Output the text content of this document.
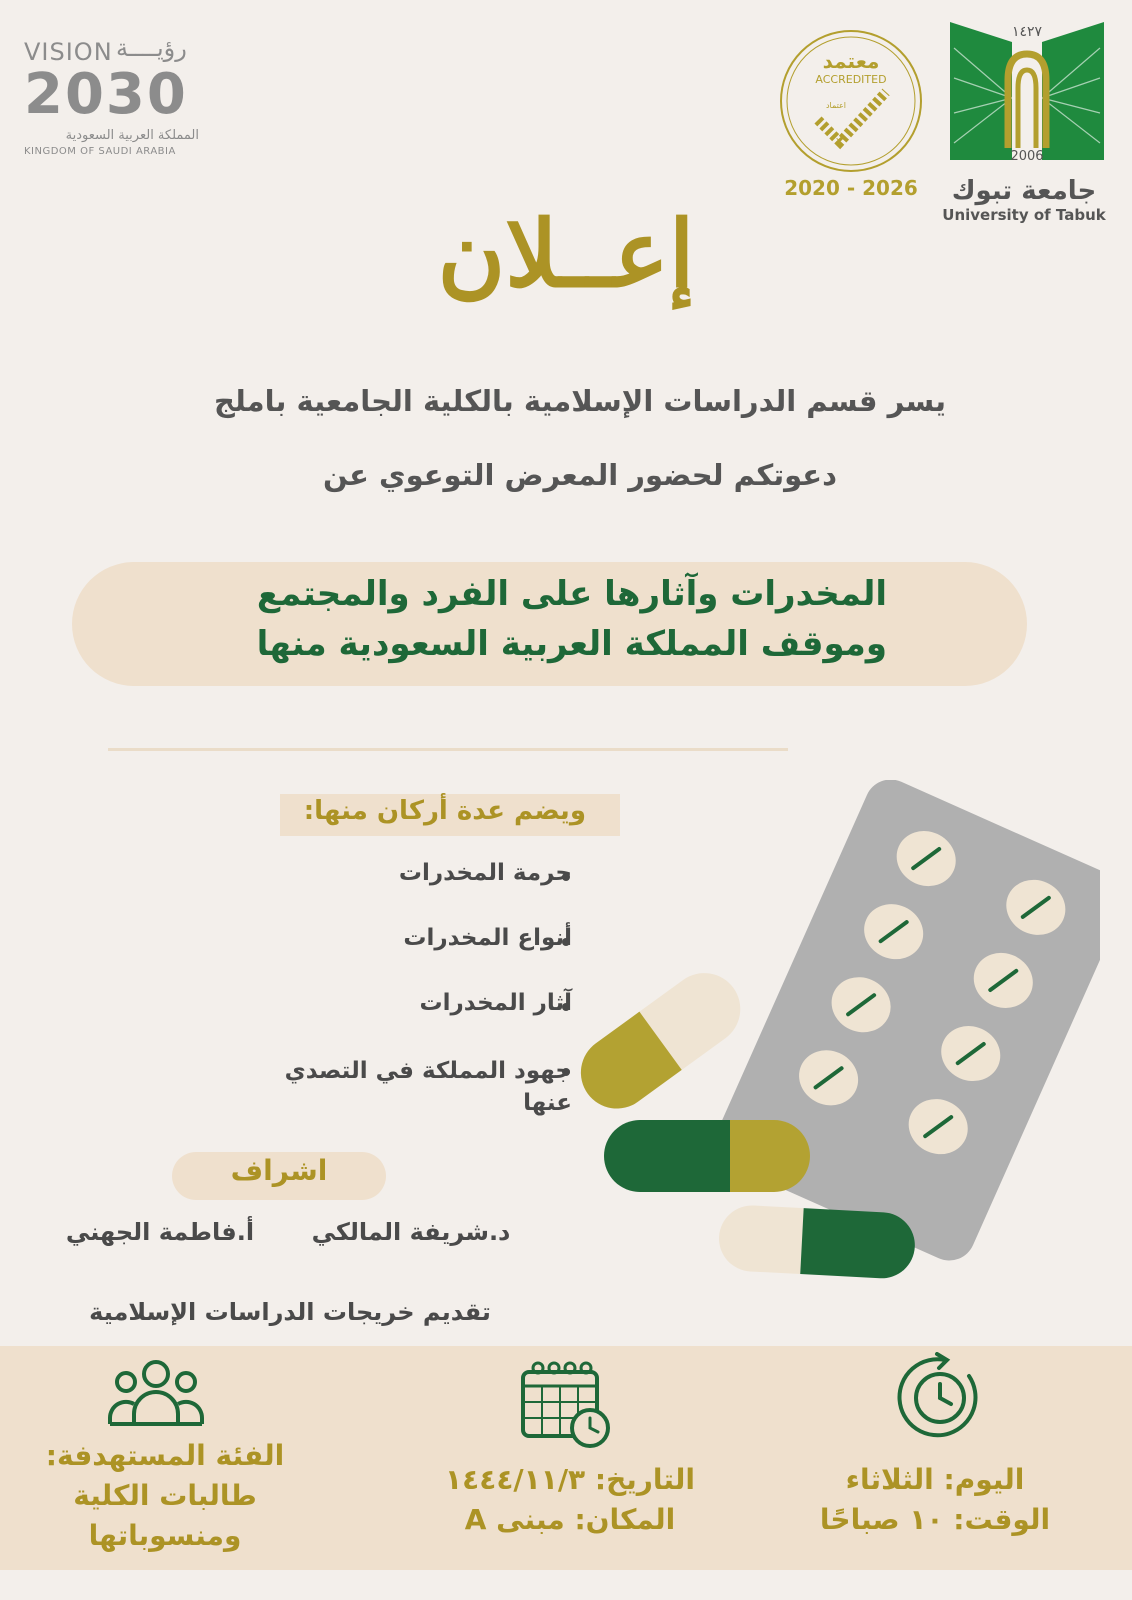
VISION رؤيــــة
2030
المملكة العربية السعودية
KINGDOM OF SAUDI ARABIA
معتمد
ACCREDITED
اعتماد
2020 - 2026
١٤٢٧
2006
جامعة تبوك
University of Tabuk
إعــلان
يسر قسم الدراسات الإسلامية بالكلية الجامعية باملج
دعوتكم لحضور المعرض التوعوي عن
المخدرات وآثارها على الفرد والمجتمع
وموقف المملكة العربية السعودية منها
ويضم عدة أركان منها:
حرمة المخدرات
أنواع المخدرات
آثار المخدرات
جهود المملكة في التصدي عنها
اشراف
د.شريفة المالكي
أ.فاطمة الجهني
تقديم خريجات الدراسات الإسلامية
اليوم: الثلاثاء
الوقت: ١٠ صباحًا
التاريخ: ١٤٤٤/١١/٣
المكان: مبنى A
الفئة المستهدفة:
طالبات الكلية
ومنسوباتها
